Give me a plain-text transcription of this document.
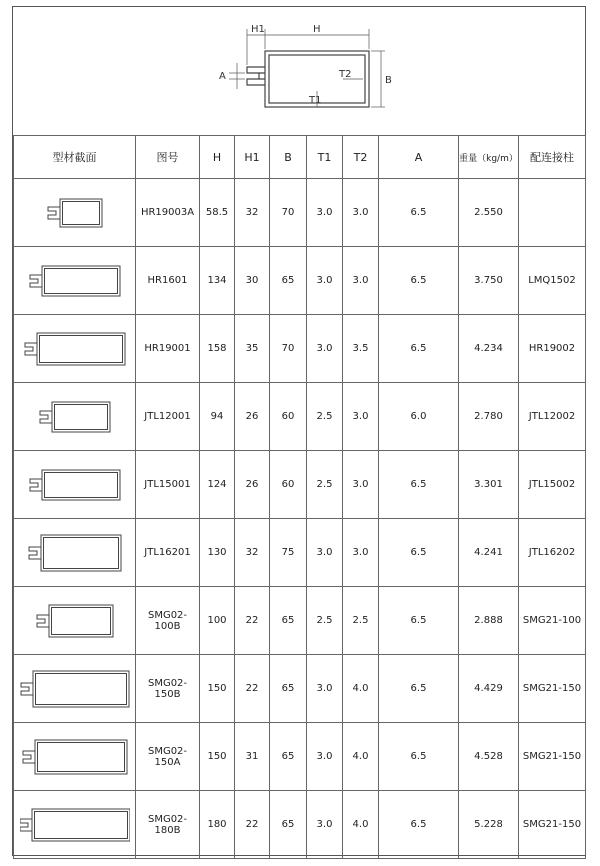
H1	H
A	T2
T1
B
型材截面	图号	H	H1	B	T1	T2	A	重量（kg/m）	配连接柱

	HR19003A	58.5	32	70	3.0	3.0	6.5	2.550	

	HR1601	134	30	65	3.0	3.0	6.5	3.750	LMQ1502

	HR19001	158	35	70	3.0	3.5	6.5	4.234	HR19002

	JTL12001	94	26	60	2.5	3.0	6.0	2.780	JTL12002

	JTL15001	124	26	60	2.5	3.0	6.5	3.301	JTL15002

	JTL16201	130	32	75	3.0	3.0	6.5	4.241	JTL16202

	SMG02-100B	100	22	65	2.5	2.5	6.5	2.888	SMG21-100

	SMG02-150B	150	22	65	3.0	4.0	6.5	4.429	SMG21-150

	SMG02-150A	150	31	65	3.0	4.0	6.5	4.528	SMG21-150

	SMG02-180B	180	22	65	3.0	4.0	6.5	5.228	SMG21-150
